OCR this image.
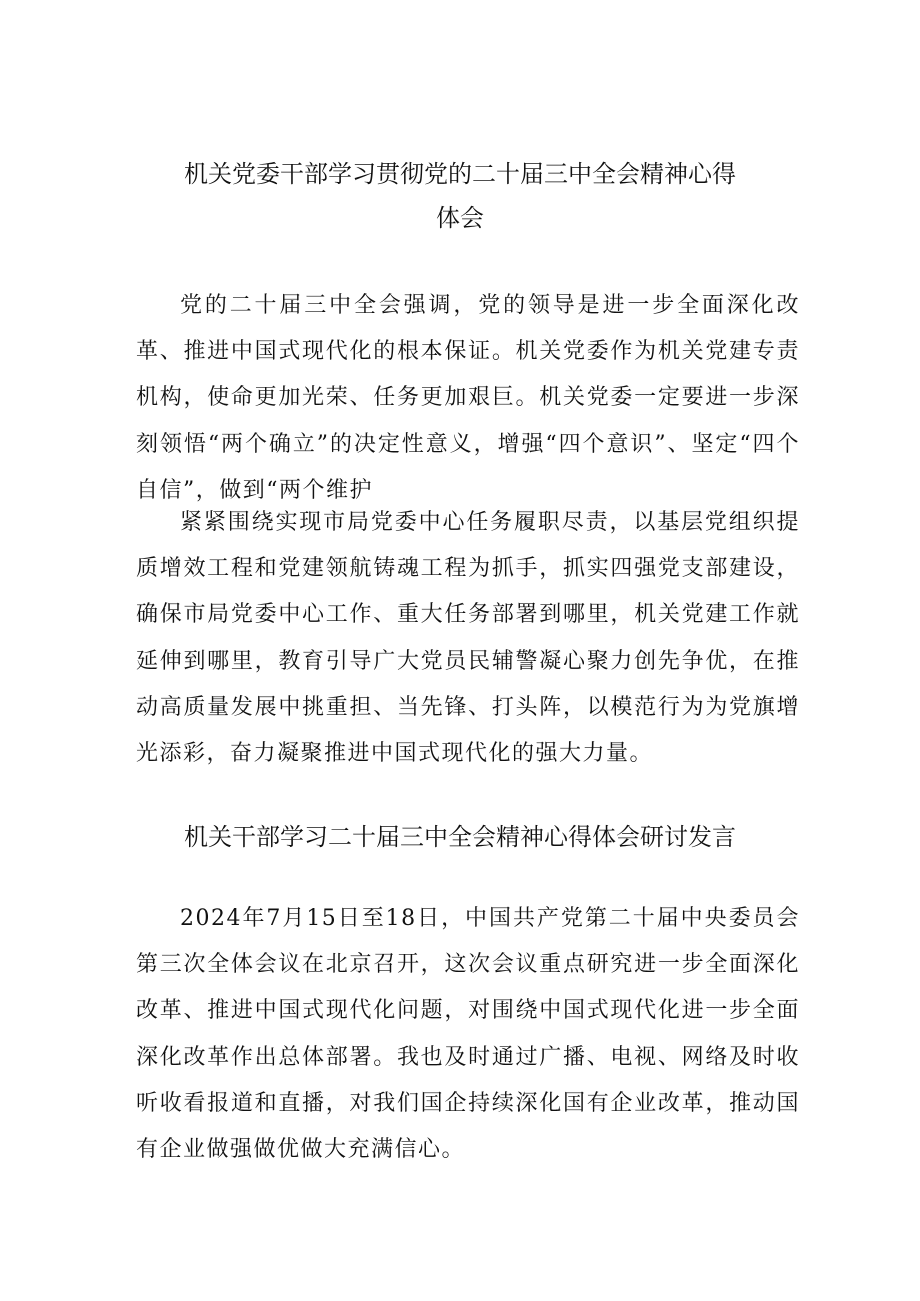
机关党委干部学习贯彻党的二十届三中全会精神心得
体会
党的二十届三中全会强调，党的领导是进一步全面深化改革、推进中国式现代化的根本保证。机关党委作为机关党建专责机构，使命更加光荣、任务更加艰巨。机关党委一定要进一步深刻领悟“两个确立”的决定性意义，增强“四个意识”、坚定“四个自信”，做到“两个维护
紧紧围绕实现市局党委中心任务履职尽责，以基层党组织提质增效工程和党建领航铸魂工程为抓手，抓实四强党支部建设，确保市局党委中心工作、重大任务部署到哪里，机关党建工作就延伸到哪里，教育引导广大党员民辅警凝心聚力创先争优，在推动高质量发展中挑重担、当先锋、打头阵，以模范行为为党旗增光添彩，奋力凝聚推进中国式现代化的强大力量。
机关干部学习二十届三中全会精神心得体会研讨发言
2024年7月15日至18日，中国共产党第二十届中央委员会第三次全体会议在北京召开，这次会议重点研究进一步全面深化改革、推进中国式现代化问题，对围绕中国式现代化进一步全面深化改革作出总体部署。我也及时通过广播、电视、网络及时收听收看报道和直播，对我们国企持续深化国有企业改革，推动国有企业做强做优做大充满信心。
